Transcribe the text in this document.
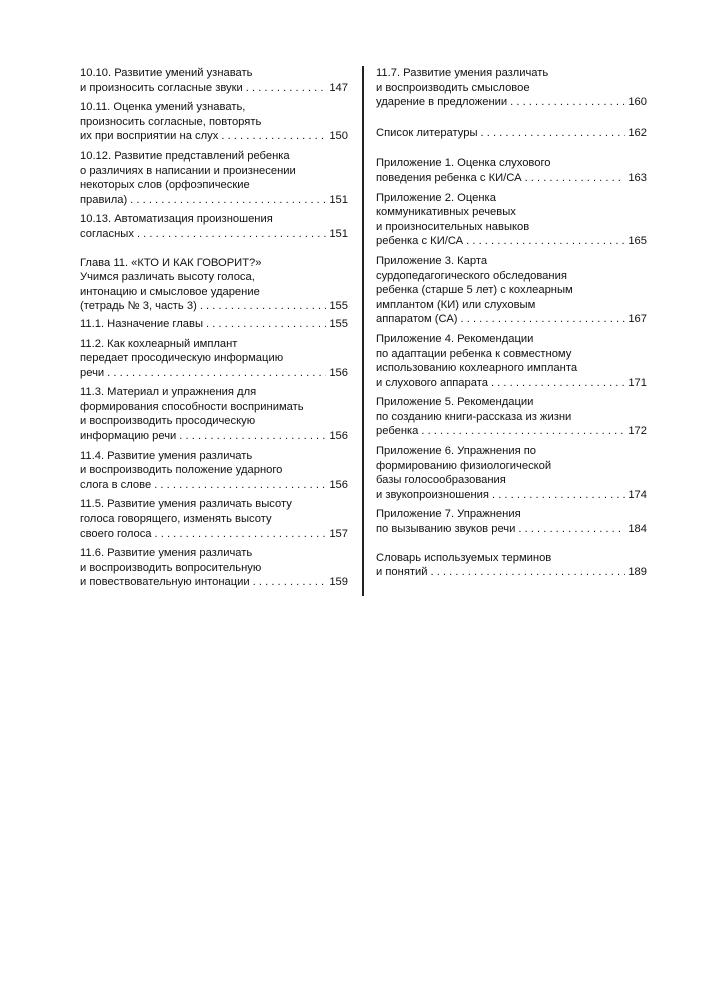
10.10. Развитие умений узнавать
и произносить согласные звуки . . .	147
10.11. Оценка умений узнавать,
произносить согласные, повторять
их при восприятии на слух . . .	150
10.12. Развитие представлений ребенка
о различиях в написании и произнесении
некоторых слов (орфоэпические
правила) . . .	151
10.13. Автоматизация произношения
согласных . . .	151
Глава 11. «КТО И КАК ГОВОРИТ?»
Учимся различать высоту голоса,
интонацию и смысловое ударение
(тетрадь № 3, часть 3) . . .	155
11.1. Назначение главы . . .	155
11.2. Как кохлеарный имплант
передает просодическую информацию
речи . . .	156
11.3. Материал и упражнения для
формирования способности воспринимать
и воспроизводить просодическую
информацию речи . . .	156
11.4. Развитие умения различать
и воспроизводить положение ударного
слога в слове . . .	156
11.5. Развитие умения различать высоту
голоса говорящего, изменять высоту
своего голоса . . .	157
11.6. Развитие умения различать
и воспроизводить вопросительную
и повествовательную интонации . . .	159
11.7. Развитие умения различать
и воспроизводить смысловое
ударение в предложении . . .	160
Список литературы . . .	162
Приложение 1. Оценка слухового
поведения ребенка с КИ/СА . . .	163
Приложение 2. Оценка
коммуникативных речевых
и произносительных навыков
ребенка с КИ/СА . . .	165
Приложение 3. Карта
сурдопедагогического обследования
ребенка (старше 5 лет) с кохлеарным
имплантом (КИ) или слуховым
аппаратом (СА) . . .	167
Приложение 4. Рекомендации
по адаптации ребенка к совместному
использованию кохлеарного импланта
и слухового аппарата . . .	171
Приложение 5. Рекомендации
по созданию книги-рассказа из жизни
ребенка . . .	172
Приложение 6. Упражнения по
формированию физиологической
базы голосообразования
и звукопроизношения . . .	174
Приложение 7. Упражнения
по вызыванию звуков речи . . .	184
Словарь используемых терминов
и понятий . . .	189
